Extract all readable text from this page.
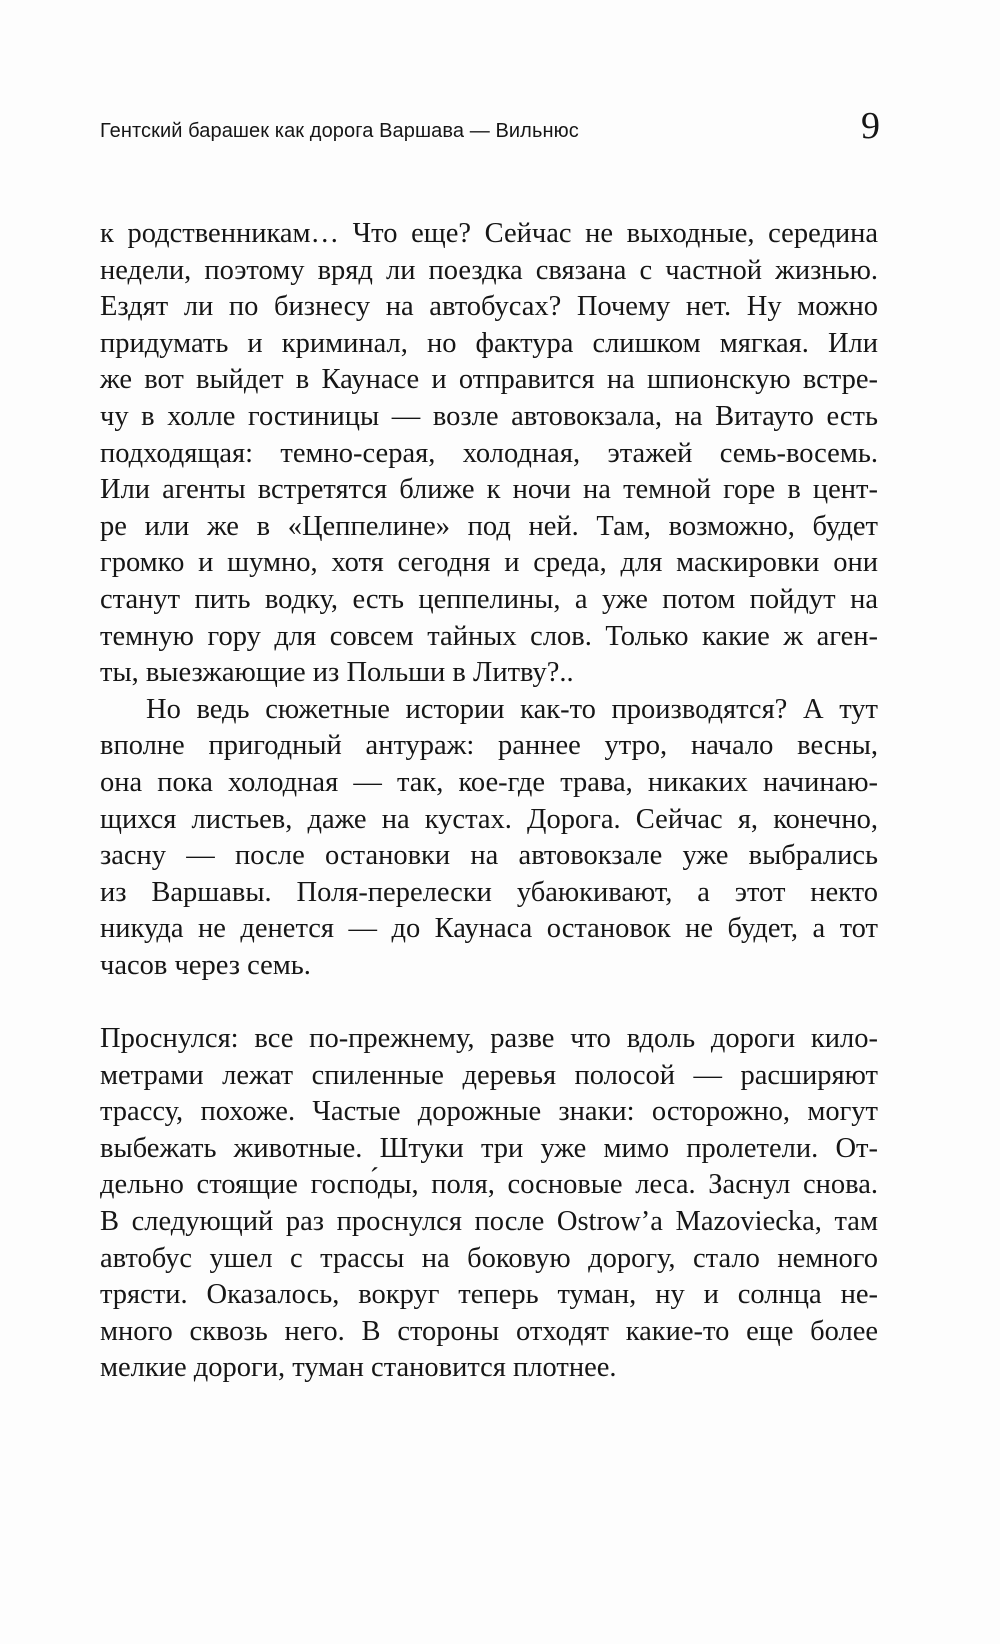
Гентский барашек как дорога Варшава — Вильнюс	9
к родственникам… Что еще? Сейчас не выходные, середина
недели, поэтому вряд ли поездка связана с частной жизнью.
Ездят ли по бизнесу на автобусах? Почему нет. Ну можно
придумать и криминал, но фактура слишком мягкая. Или
же вот выйдет в Каунасе и отправится на шпионскую встре-
чу в холле гостиницы — возле автовокзала, на Витауто есть
подходящая: темно-серая, холодная, этажей семь-восемь.
Или агенты встретятся ближе к ночи на темной горе в цент-
ре или же в «Цеппелине» под ней. Там, возможно, будет
громко и шумно, хотя сегодня и среда, для маскировки они
станут пить водку, есть цеппелины, а уже потом пойдут на
темную гору для совсем тайных слов. Только какие ж аген-
ты, выезжающие из Польши в Литву?..
Но ведь сюжетные истории как-то производятся? А тут
вполне пригодный антураж: раннее утро, начало весны,
она пока холодная — так, кое-где трава, никаких начинаю-
щихся листьев, даже на кустах. Дорога. Сейчас я, конечно,
засну — после остановки на автовокзале уже выбрались
из Варшавы. Поля-перелески убаюкивают, а этот некто
никуда не денется — до Каунаса остановок не будет, а тот
часов через семь.
Проснулся: все по-прежнему, разве что вдоль дороги кило-
метрами лежат спиленные деревья полосой — расширяют
трассу, похоже. Частые дорожные знаки: осторожно, могут
выбежать животные. Штуки три уже мимо пролетели. От-
дельно стоящие госпо́ды, поля, сосновые леса. Заснул снова.
В следующий раз проснулся после Ostrow’a Mazoviecka, там
автобус ушел с трассы на боковую дорогу, стало немного
трясти. Оказалось, вокруг теперь туман, ну и солнца не-
много сквозь него. В стороны отходят какие-то еще более
мелкие дороги, туман становится плотнее.
